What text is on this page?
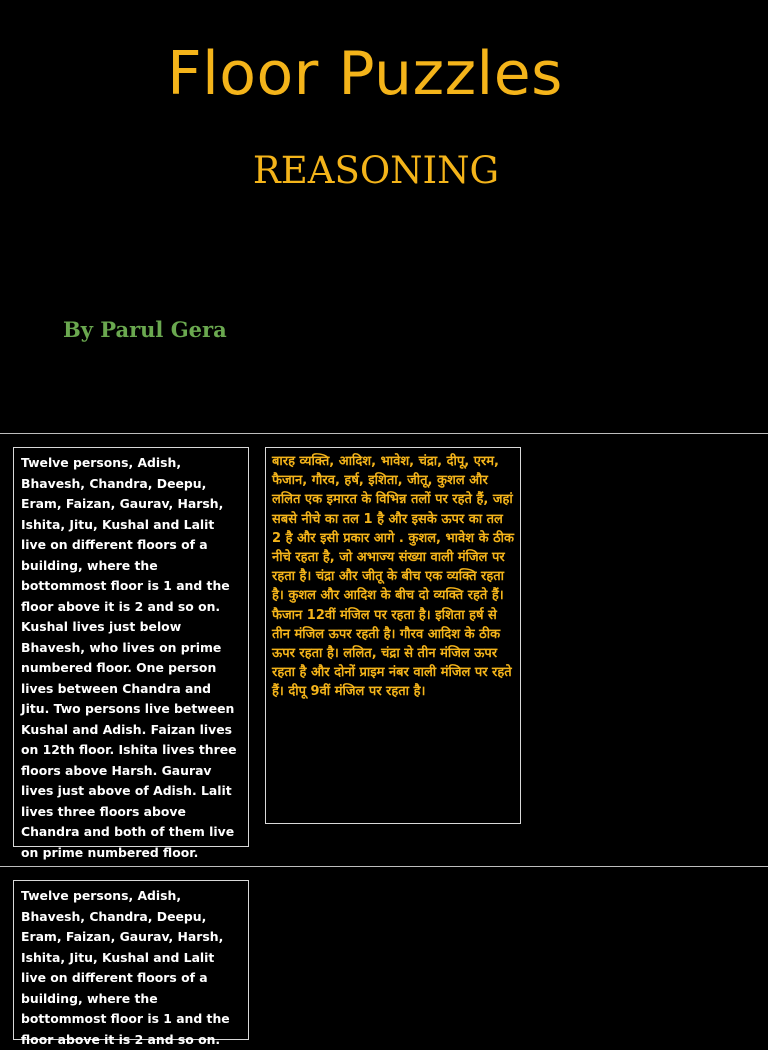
Floor Puzzles
REASONING
By Parul Gera
Twelve persons, Adish, Bhavesh, Chandra, Deepu, Eram, Faizan, Gaurav, Harsh, Ishita, Jitu, Kushal and Lalit live on different floors of a building, where the bottommost floor is 1 and the floor above it is 2 and so on. Kushal lives just below Bhavesh, who lives on prime numbered floor. One person lives between Chandra and Jitu. Two persons live between Kushal and Adish. Faizan lives on 12th floor. Ishita lives three floors above Harsh. Gaurav lives just above of Adish. Lalit lives three floors above Chandra and both of them live on prime numbered floor.
बारह व्यक्ति, आदिश, भावेश, चंद्रा, दीपू, एरम, फैजान, गौरव, हर्ष, इशिता, जीतू, कुशल और ललित एक इमारत के विभिन्न तलों पर रहते हैं, जहां सबसे नीचे का तल 1 है और इसके ऊपर का तल 2 है और इसी प्रकार आगे . कुशल, भावेश के ठीक नीचे रहता है, जो अभाज्य संख्या वाली मंजिल पर रहता है। चंद्रा और जीतू के बीच एक व्यक्ति रहता है। कुशल और आदिश के बीच दो व्यक्ति रहते हैं। फैजान 12वीं मंजिल पर रहता है। इशिता हर्ष से तीन मंजिल ऊपर रहती है। गौरव आदिश के ठीक ऊपर रहता है। ललित, चंद्रा से तीन मंजिल ऊपर रहता है और दोनों प्राइम नंबर वाली मंजिल पर रहते हैं। दीपू 9वीं मंजिल पर रहता है।
Twelve persons, Adish, Bhavesh, Chandra, Deepu, Eram, Faizan, Gaurav, Harsh, Ishita, Jitu, Kushal and Lalit live on different floors of a building, where the bottommost floor is 1 and the floor above it is 2 and so on.
